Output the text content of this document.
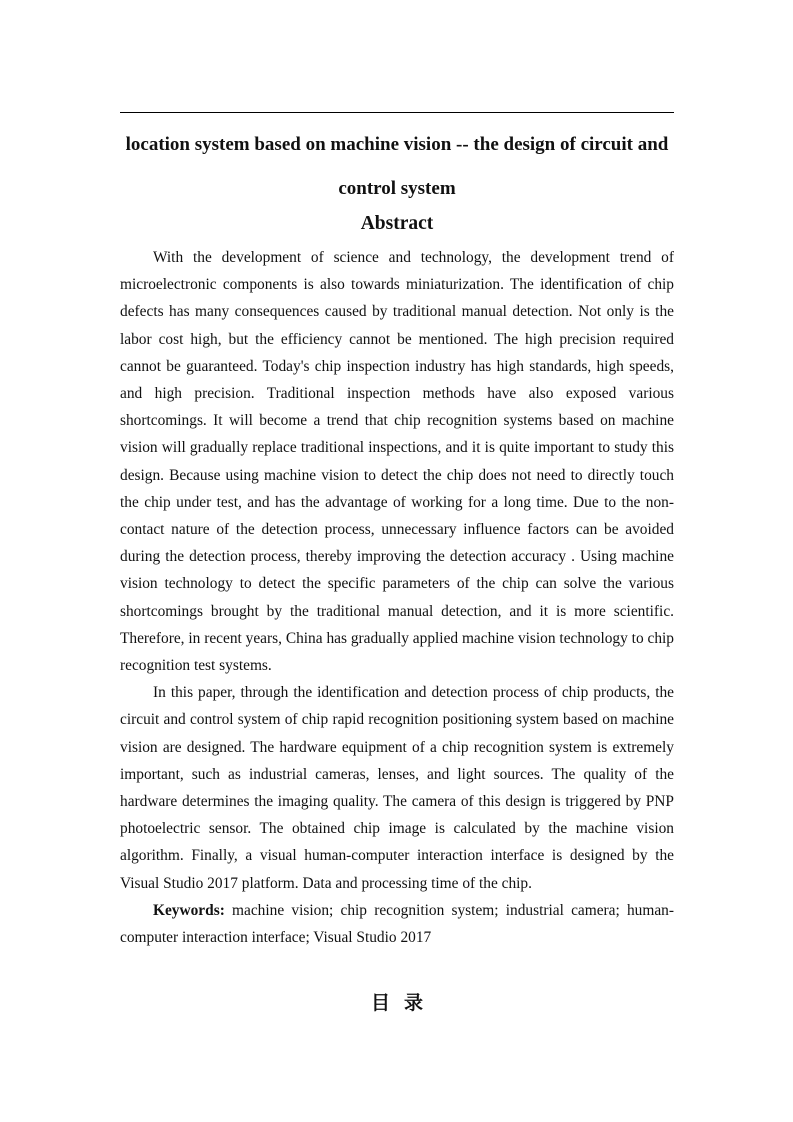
location system based on machine vision -- the design of circuit and control system
Abstract

With the development of science and technology, the development trend of microelectronic components is also towards miniaturization. The identification of chip defects has many consequences caused by traditional manual detection. Not only is the labor cost high, but the efficiency cannot be mentioned. The high precision required cannot be guaranteed. Today's chip inspection industry has high standards, high speeds, and high precision. Traditional inspection methods have also exposed various shortcomings. It will become a trend that chip recognition systems based on machine vision will gradually replace traditional inspections, and it is quite important to study this design. Because using machine vision to detect the chip does not need to directly touch the chip under test, and has the advantage of working for a long time. Due to the non-contact nature of the detection process, unnecessary influence factors can be avoided during the detection process, thereby improving the detection accuracy . Using machine vision technology to detect the specific parameters of the chip can solve the various shortcomings brought by the traditional manual detection, and it is more scientific. Therefore, in recent years, China has gradually applied machine vision technology to chip recognition test systems.

In this paper, through the identification and detection process of chip products, the circuit and control system of chip rapid recognition positioning system based on machine vision are designed. The hardware equipment of a chip recognition system is extremely important, such as industrial cameras, lenses, and light sources. The quality of the hardware determines the imaging quality. The camera of this design is triggered by PNP photoelectric sensor. The obtained chip image is calculated by the machine vision algorithm. Finally, a visual human-computer interaction interface is designed by the Visual Studio 2017 platform. Data and processing time of the chip.

Keywords: machine vision; chip recognition system; industrial camera; human-computer interaction interface; Visual Studio 2017

目录
